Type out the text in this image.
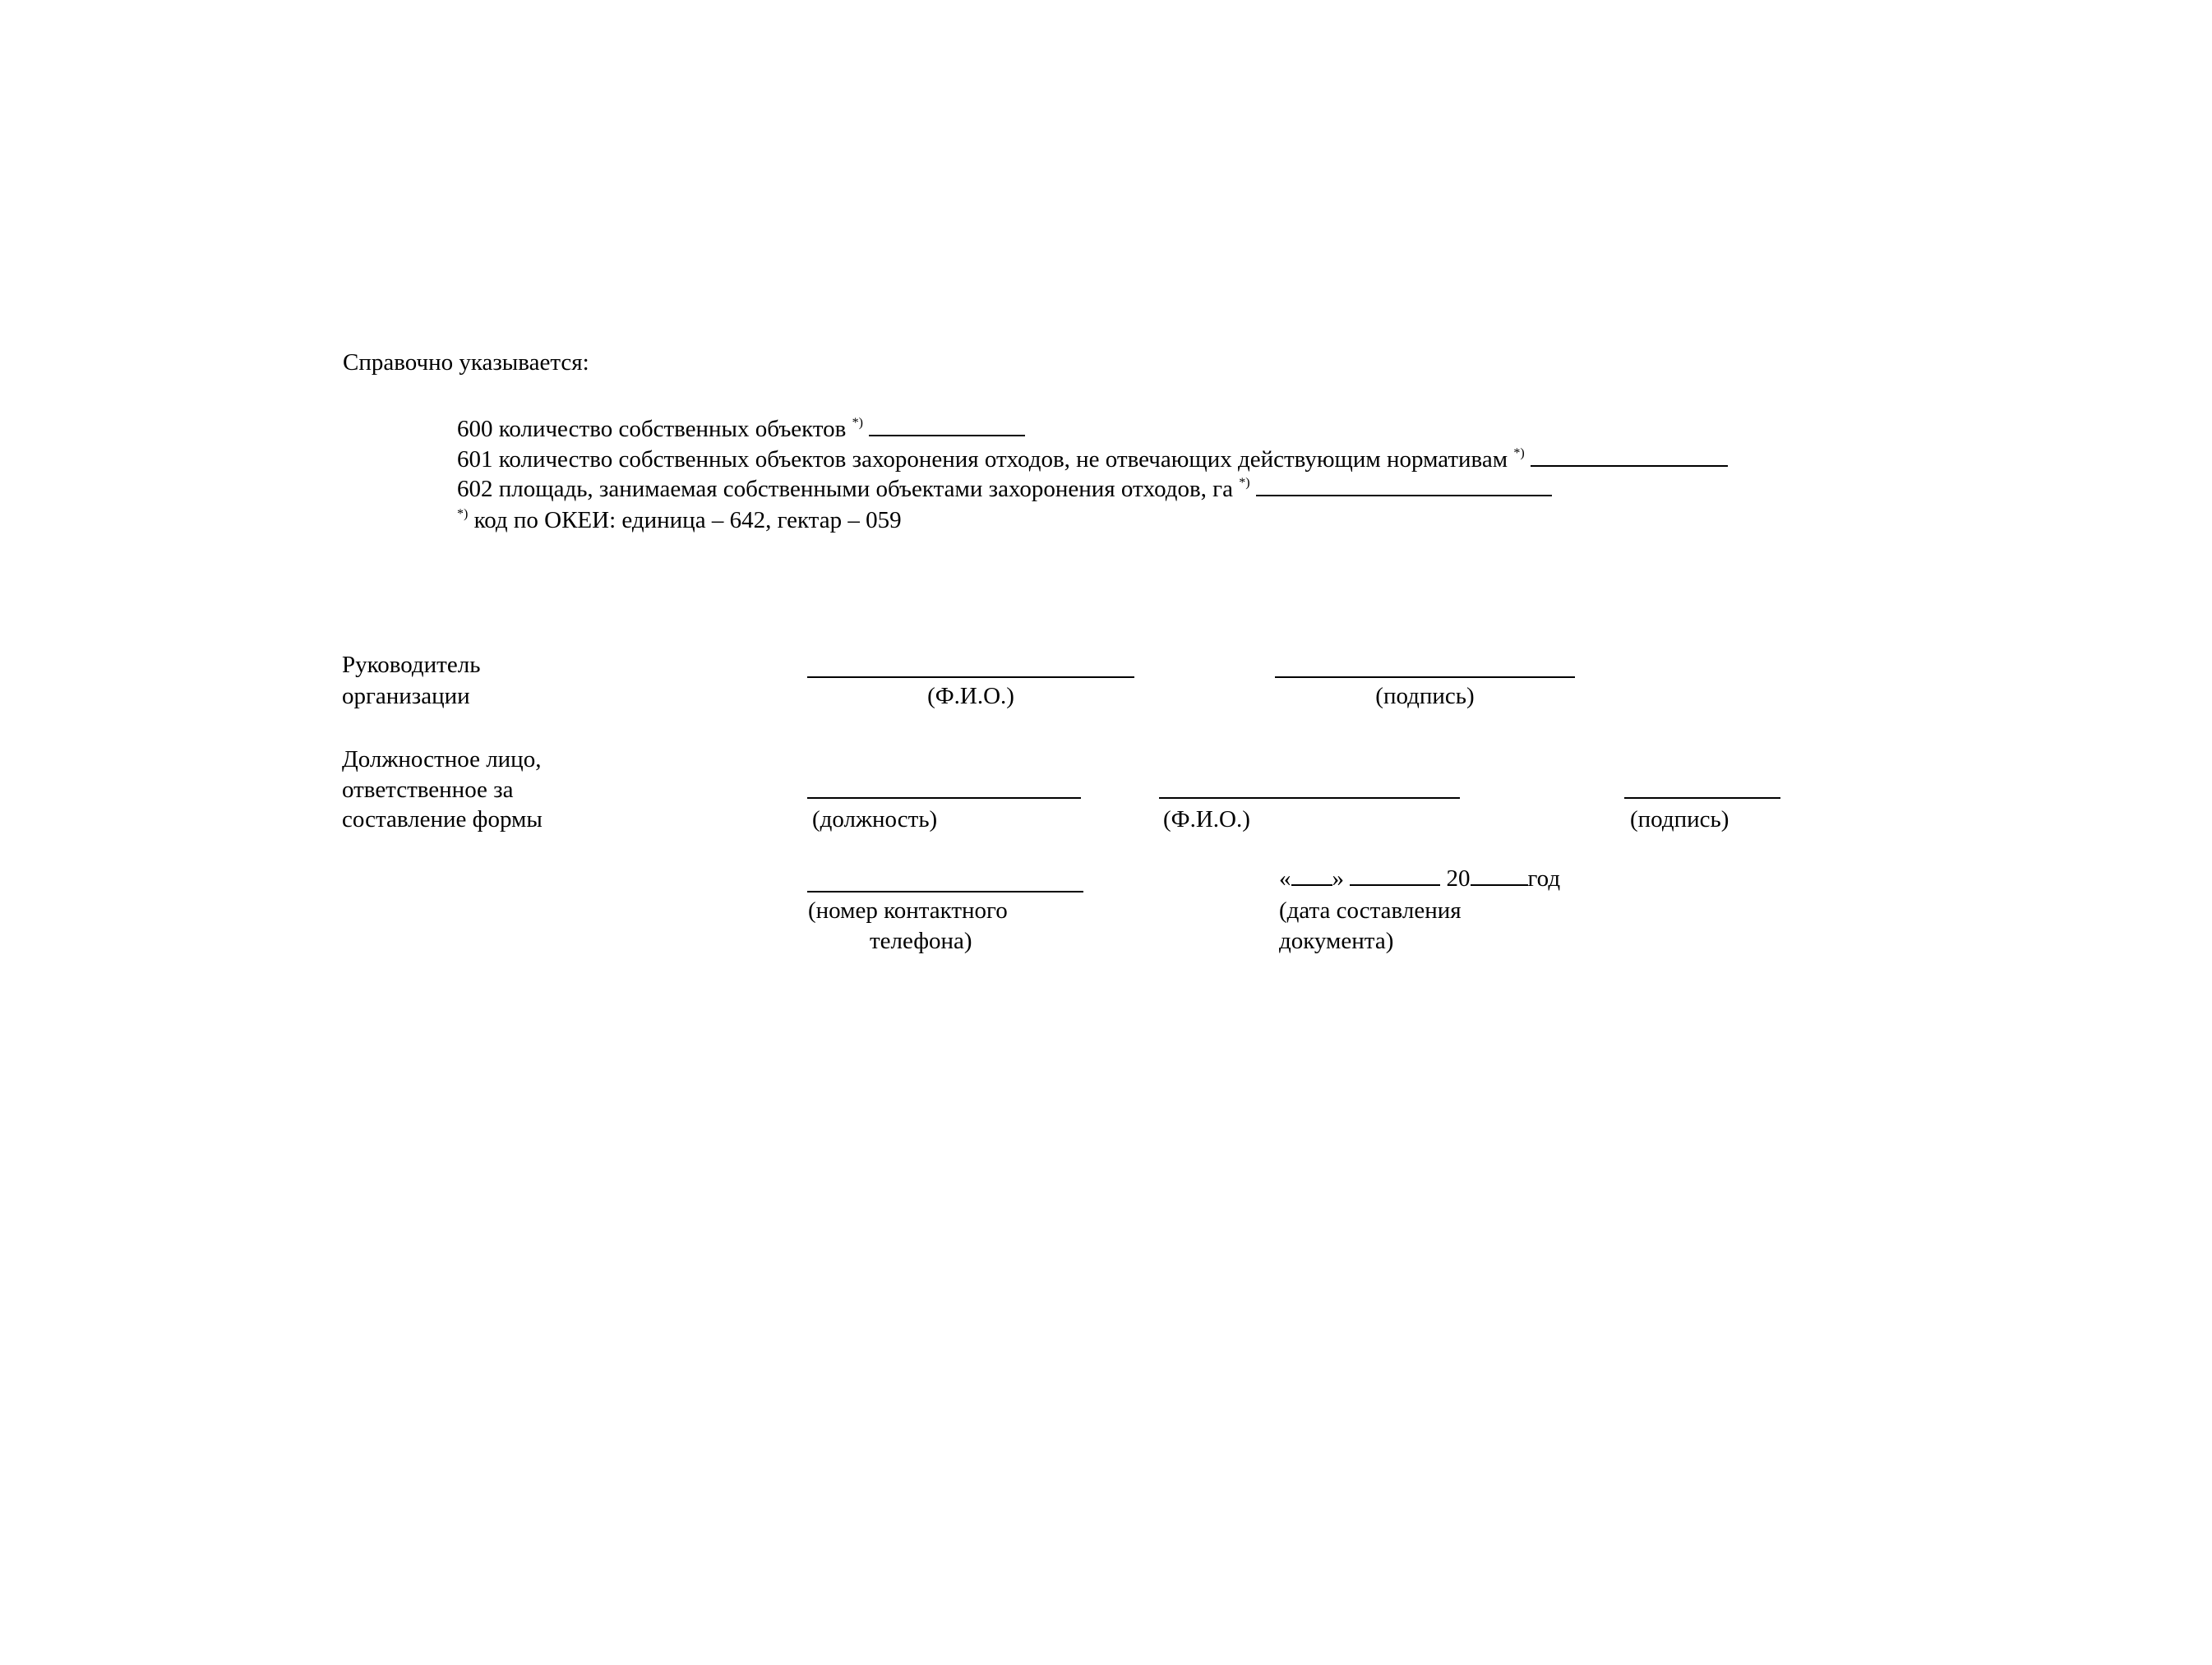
Справочно указывается:
600 количество собственных объектов *)
601 количество собственных объектов захоронения отходов, не отвечающих действующим нормативам *)
602 площадь, занимаемая собственными объектами захоронения отходов, га *)
*) код по ОКЕИ: единица – 642, гектар – 059
Руководитель
организации	(Ф.И.О.)	(подпись)
Должностное лицо,
ответственное за
составление формы	(должность)	(Ф.И.О.)	(подпись)
(номер контактного
телефона)
« »	20 год
(дата составления
документа)
